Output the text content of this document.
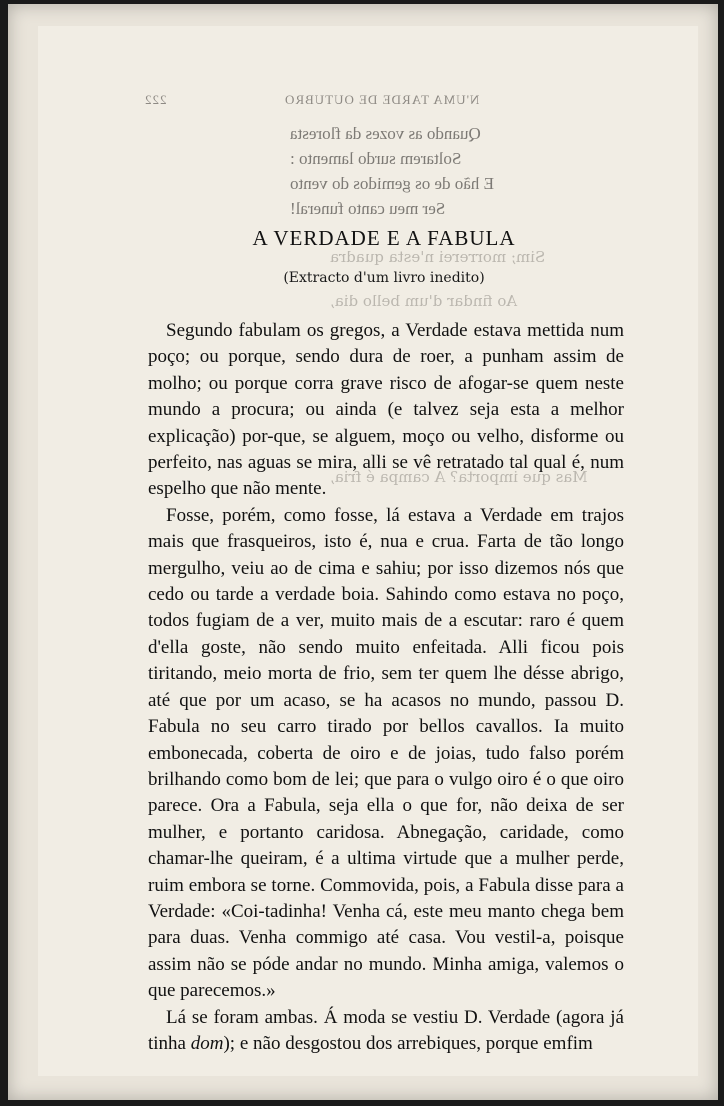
222	N'UMA TARDE DE OUTUBRO
Quando as vozes da floresta
Soltarem surdo lamento :
E hão de os gemidos do vento
Ser meu canto funeral!
Sim; morrerei n'esta quadra
Ao findar d'um bello dia,
Mas que importa? A campa é fria,
A VERDADE E A FABULA
(Extracto d'um livro inedito)

Segundo fabulam os gregos, a Verdade estava mettida num poço; ou porque, sendo dura de roer, a punham assim de molho; ou porque corra grave risco de afogar-se quem neste mundo a procura; ou ainda (e talvez seja esta a melhor explicação) por-que, se alguem, moço ou velho, disforme ou perfeito, nas aguas se mira, alli se vê retratado tal qual é, num espelho que não mente.

Fosse, porém, como fosse, lá estava a Verdade em trajos mais que frasqueiros, isto é, nua e crua. Farta de tão longo mergulho, veiu ao de cima e sahiu; por isso dizemos nós que cedo ou tarde a verdade boia. Sahindo como estava no poço, todos fugiam de a ver, muito mais de a escutar: raro é quem d'ella goste, não sendo muito enfeitada. Alli ficou pois tiritando, meio morta de frio, sem ter quem lhe désse abrigo, até que por um acaso, se ha acasos no mundo, passou D. Fabula no seu carro tirado por bellos cavallos. Ia muito embonecada, coberta de oiro e de joias, tudo falso porém brilhando como bom de lei; que para o vulgo oiro é o que oiro parece. Ora a Fabula, seja ella o que for, não deixa de ser mulher, e portanto caridosa. Abnegação, caridade, como chamar-lhe queiram, é a ultima virtude que a mulher perde, ruim embora se torne. Commovida, pois, a Fabula disse para a Verdade: «Coi-tadinha! Venha cá, este meu manto chega bem para duas. Venha commigo até casa. Vou vestil-a, poisque assim não se póde andar no mundo. Minha amiga, valemos o que parecemos.»

Lá se foram ambas. Á moda se vestiu D. Verdade (agora já tinha dom); e não desgostou dos arrebiques, porque emfim
